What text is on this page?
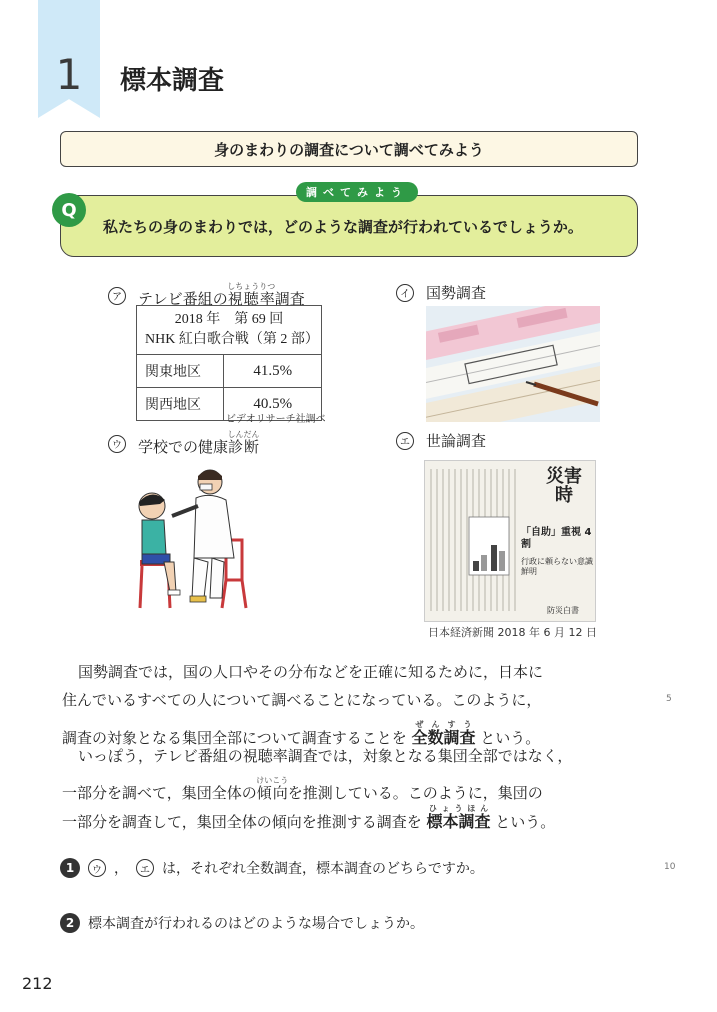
1	標本調査
身のまわりの調査について調べてみよう
Q
調べてみよう
私たちの身のまわりでは，どのような調査が行われているでしょうか。
ア テレビ番組の視聴率しちょうりつ調査
2018 年　第 69 回
NHK 紅白歌合戦（第 2 部）	

関東地区	41.5%
関西地区	40.5%
ビデオリサーチ社調べ
イ 国勢調査
ウ 学校での健康診断しんだん
エ 世論調査
災害時
「自助」重視 4割
行政に頼らない意識鮮明
防災白書
日本経済新聞 2018 年 6 月 12 日
国勢調査では，国の人口やその分布などを正確に知るために，日本に
住んでいるすべての人について調べることになっている。このように，	5
調査の対象となる集団全部について調査することを 全数調査ぜんすう という。
いっぽう，テレビ番組の視聴率調査では，対象となる集団全部ではなく，
一部分を調べて，集団全体の傾向けいこうを推測している。このように，集団の
一部分を調査して，集団全体の傾向を推測する調査を 標本調査ひょうほん という。
1	ウ ，	エ は，それぞれ全数調査，標本調査のどちらですか。	10
2 標本調査が行われるのはどのような場合でしょうか。
212
